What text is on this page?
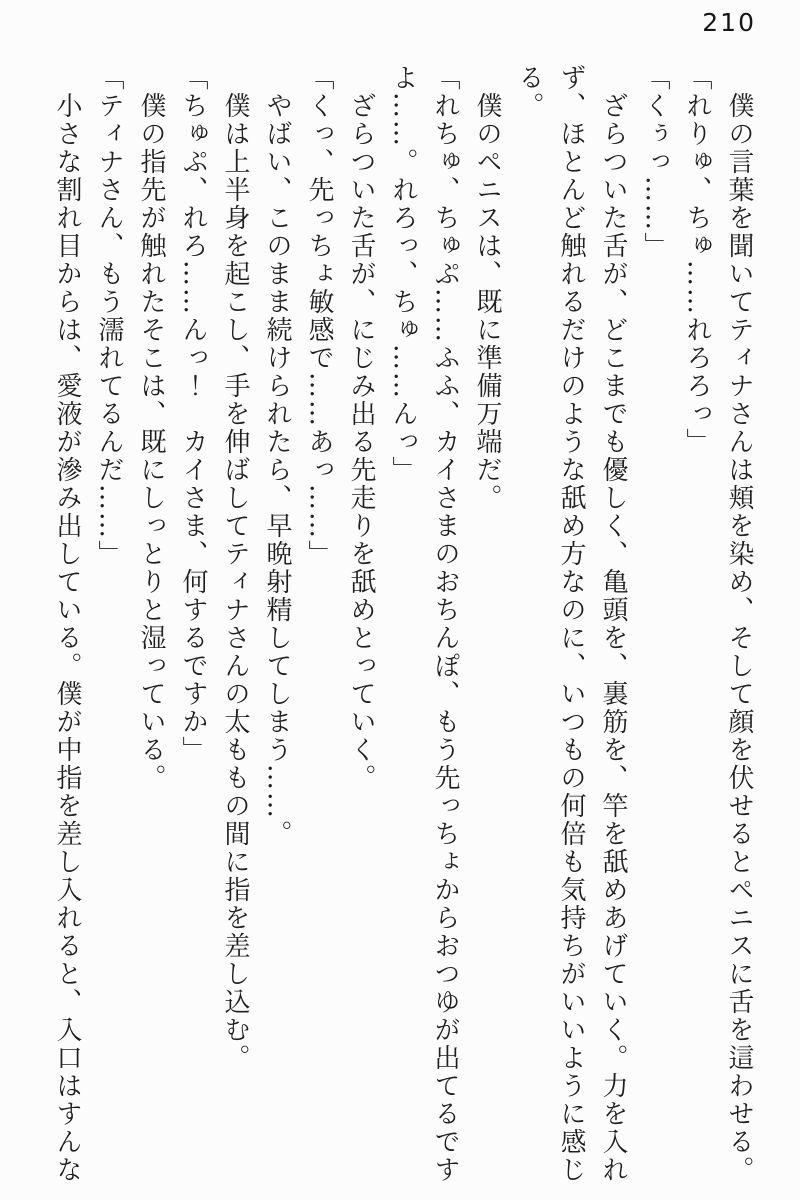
210

僕の言葉を聞いてティナさんは頬を染め、そして顔を伏せるとペニスに舌を這わせる。

「れりゅ、ちゅ……れろろっ」

「くぅっ……」

ざらついた舌が、どこまでも優しく、亀頭を、裏筋を、竿を舐めあげていく。力を入れず、ほとんど触れるだけのような舐め方なのに、いつもの何倍も気持ちがいいように感じる。

僕のペニスは、既に準備万端だ。

「れちゅ、ちゅぷ……ふふ、カイさまのおちんぽ、もう先っちょからおつゆが出てるですよ……。れろっ、ちゅ……んっ」

ざらついた舌が、にじみ出る先走りを舐めとっていく。

「くっ、先っちょ敏感で……あっ……」

やばい、このまま続けられたら、早晩射精してしまう……。

僕は上半身を起こし、手を伸ばしてティナさんの太ももの間に指を差し込む。

「ちゅぷ、れろ……んっ！　カイさま、何するですか」

僕の指先が触れたそこは、既にしっとりと湿っている。

「ティナさん、もう濡れてるんだ……」

小さな割れ目からは、愛液が滲み出している。僕が中指を差し入れると、入口はすんな
